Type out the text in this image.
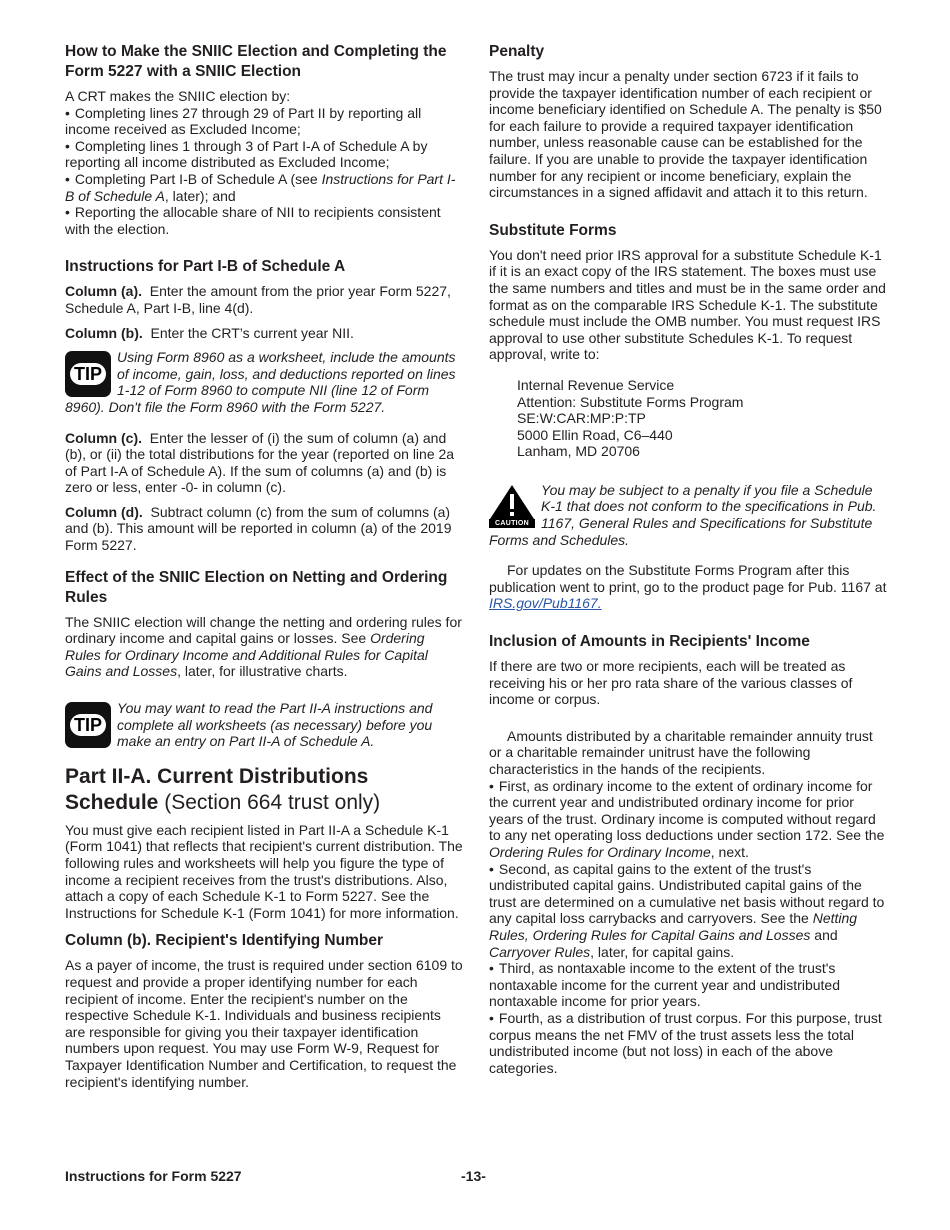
How to Make the SNIIC Election and Completing the Form 5227 with a SNIIC Election

A CRT makes the SNIIC election by:
• Completing lines 27 through 29 of Part II by reporting all income received as Excluded Income;
• Completing lines 1 through 3 of Part I-A of Schedule A by reporting all income distributed as Excluded Income;
• Completing Part I-B of Schedule A (see Instructions for Part I-B of Schedule A, later); and
• Reporting the allocable share of NII to recipients consistent with the election.

Instructions for Part I-B of Schedule A

Column (a). Enter the amount from the prior year Form 5227, Schedule A, Part I-B, line 4(d).

Column (b). Enter the CRT’s current year NII.

TIP
Using Form 8960 as a worksheet, include the amounts of income, gain, loss, and deductions reported on lines 1-12 of Form 8960 to compute NII (line 12 of Form 8960). Don't file the Form 8960 with the Form 5227.

Column (c). Enter the lesser of (i) the sum of column (a) and (b), or (ii) the total distributions for the year (reported on line 2a of Part I-A of Schedule A). If the sum of columns (a) and (b) is zero or less, enter -0- in column (c).

Column (d). Subtract column (c) from the sum of columns (a) and (b). This amount will be reported in column (a) of the 2019 Form 5227.

Effect of the SNIIC Election on Netting and Ordering Rules

The SNIIC election will change the netting and ordering rules for ordinary income and capital gains or losses. See Ordering Rules for Ordinary Income and Additional Rules for Capital Gains and Losses, later, for illustrative charts.

TIP
You may want to read the Part II-A instructions and complete all worksheets (as necessary) before you make an entry on Part II-A of Schedule A.
Part II-A. Current Distributions Schedule (Section 664 trust only)

You must give each recipient listed in Part II-A a Schedule K-1 (Form 1041) that reflects that recipient's current distribution. The following rules and worksheets will help you figure the type of income a recipient receives from the trust's distributions. Also, attach a copy of each Schedule K-1 to Form 5227. See the Instructions for Schedule K-1 (Form 1041) for more information.

Column (b). Recipient's Identifying Number

As a payer of income, the trust is required under section 6109 to request and provide a proper identifying number for each recipient of income. Enter the recipient's number on the respective Schedule K-1. Individuals and business recipients are responsible for giving you their taxpayer identification numbers upon request. You may use Form W-9, Request for Taxpayer Identification Number and Certification, to request the recipient's identifying number.

Penalty

The trust may incur a penalty under section 6723 if it fails to provide the taxpayer identification number of each recipient or income beneficiary identified on Schedule A. The penalty is $50 for each failure to provide a required taxpayer identification number, unless reasonable cause can be established for the failure. If you are unable to provide the taxpayer identification number for any recipient or income beneficiary, explain the circumstances in a signed affidavit and attach it to this return.

Substitute Forms

You don't need prior IRS approval for a substitute Schedule K-1 if it is an exact copy of the IRS statement. The boxes must use the same numbers and titles and must be in the same order and format as on the comparable IRS Schedule K-1. The substitute schedule must include the OMB number. You must request IRS approval to use other substitute Schedules K-1. To request approval, write to:

Internal Revenue Service
Attention: Substitute Forms Program
SE:W:CAR:MP:P:TP
5000 Ellin Road, C6–440
Lanham, MD 20706
CAUTION
You may be subject to a penalty if you file a Schedule K-1 that does not conform to the specifications in Pub. 1167, General Rules and Specifications for Substitute Forms and Schedules.

For updates on the Substitute Forms Program after this publication went to print, go to the product page for Pub. 1167 at IRS.gov/Pub1167.

Inclusion of Amounts in Recipients' Income

If there are two or more recipients, each will be treated as receiving his or her pro rata share of the various classes of income or corpus.

Amounts distributed by a charitable remainder annuity trust or a charitable remainder unitrust have the following characteristics in the hands of the recipients.
• First, as ordinary income to the extent of ordinary income for the current year and undistributed ordinary income for prior years of the trust. Ordinary income is computed without regard to any net operating loss deductions under section 172. See the Ordering Rules for Ordinary Income, next.
• Second, as capital gains to the extent of the trust's undistributed capital gains. Undistributed capital gains of the trust are determined on a cumulative net basis without regard to any capital loss carrybacks and carryovers. See the Netting Rules, Ordering Rules for Capital Gains and Losses and Carryover Rules, later, for capital gains.
• Third, as nontaxable income to the extent of the trust's nontaxable income for the current year and undistributed nontaxable income for prior years.
• Fourth, as a distribution of trust corpus. For this purpose, trust corpus means the net FMV of the trust assets less the total undistributed income (but not loss) in each of the above categories.

Instructions for Form 5227	-13-
